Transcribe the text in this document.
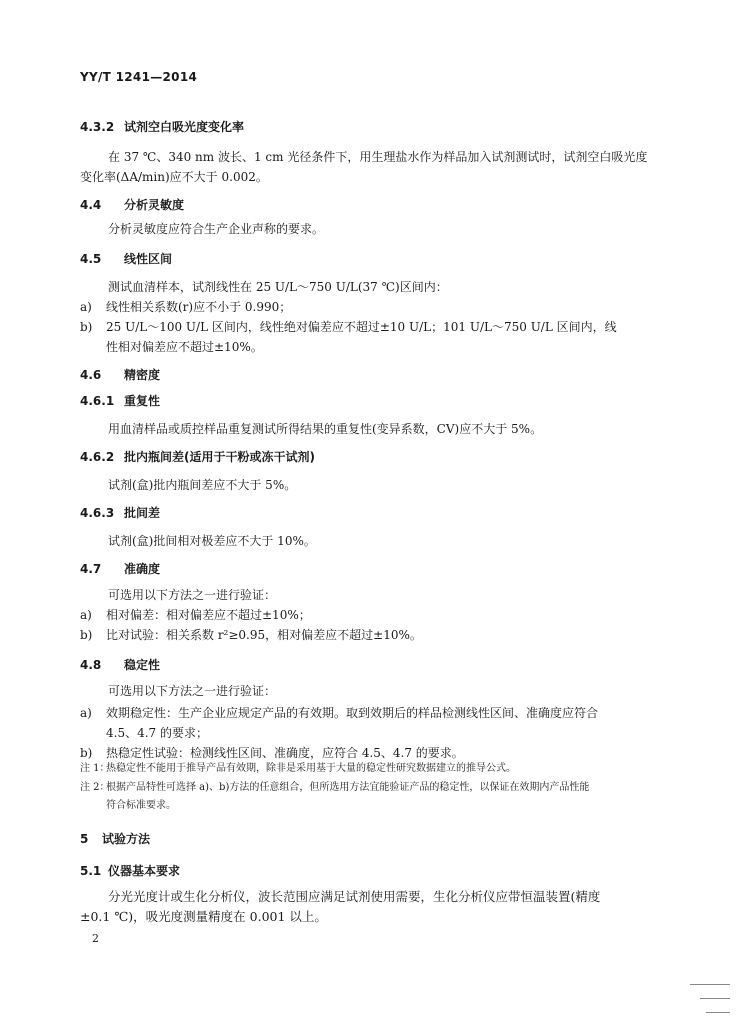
YY/T 1241—2014
4.3.2 试剂空白吸光度变化率
在 37 ℃、340 nm 波长、1 cm 光径条件下，用生理盐水作为样品加入试剂测试时，试剂空白吸光度
变化率(ΔA/min)应不大于 0.002。
4.4 分析灵敏度
分析灵敏度应符合生产企业声称的要求。
4.5 线性区间
测试血清样本，试剂线性在 25 U/L～750 U/L(37 ℃)区间内：
a) 线性相关系数(r)应不小于 0.990；
b) 25 U/L～100 U/L 区间内，线性绝对偏差应不超过±10 U/L；101 U/L～750 U/L 区间内，线
性相对偏差应不超过±10%。
4.6 精密度
4.6.1 重复性
用血清样品或质控样品重复测试所得结果的重复性(变异系数，CV)应不大于 5%。
4.6.2 批内瓶间差(适用于干粉或冻干试剂)
试剂(盒)批内瓶间差应不大于 5%。
4.6.3 批间差
试剂(盒)批间相对极差应不大于 10%。
4.7 准确度
可选用以下方法之一进行验证：
a) 相对偏差：相对偏差应不超过±10%；
b) 比对试验：相关系数 r²≥0.95，相对偏差应不超过±10%。
4.8 稳定性
可选用以下方法之一进行验证：
a) 效期稳定性：生产企业应规定产品的有效期。取到效期后的样品检测线性区间、准确度应符合
4.5、4.7 的要求；
b) 热稳定性试验：检测线性区间、准确度，应符合 4.5、4.7 的要求。
注 1：热稳定性不能用于推导产品有效期，除非是采用基于大量的稳定性研究数据建立的推导公式。
注 2：根据产品特性可选择 a)、b)方法的任意组合，但所选用方法宜能验证产品的稳定性，以保证在效期内产品性能
符合标准要求。
5 试验方法
5.1 仪器基本要求
分光光度计或生化分析仪，波长范围应满足试剂使用需要，生化分析仪应带恒温装置(精度
±0.1 ℃)，吸光度测量精度在 0.001 以上。
2
